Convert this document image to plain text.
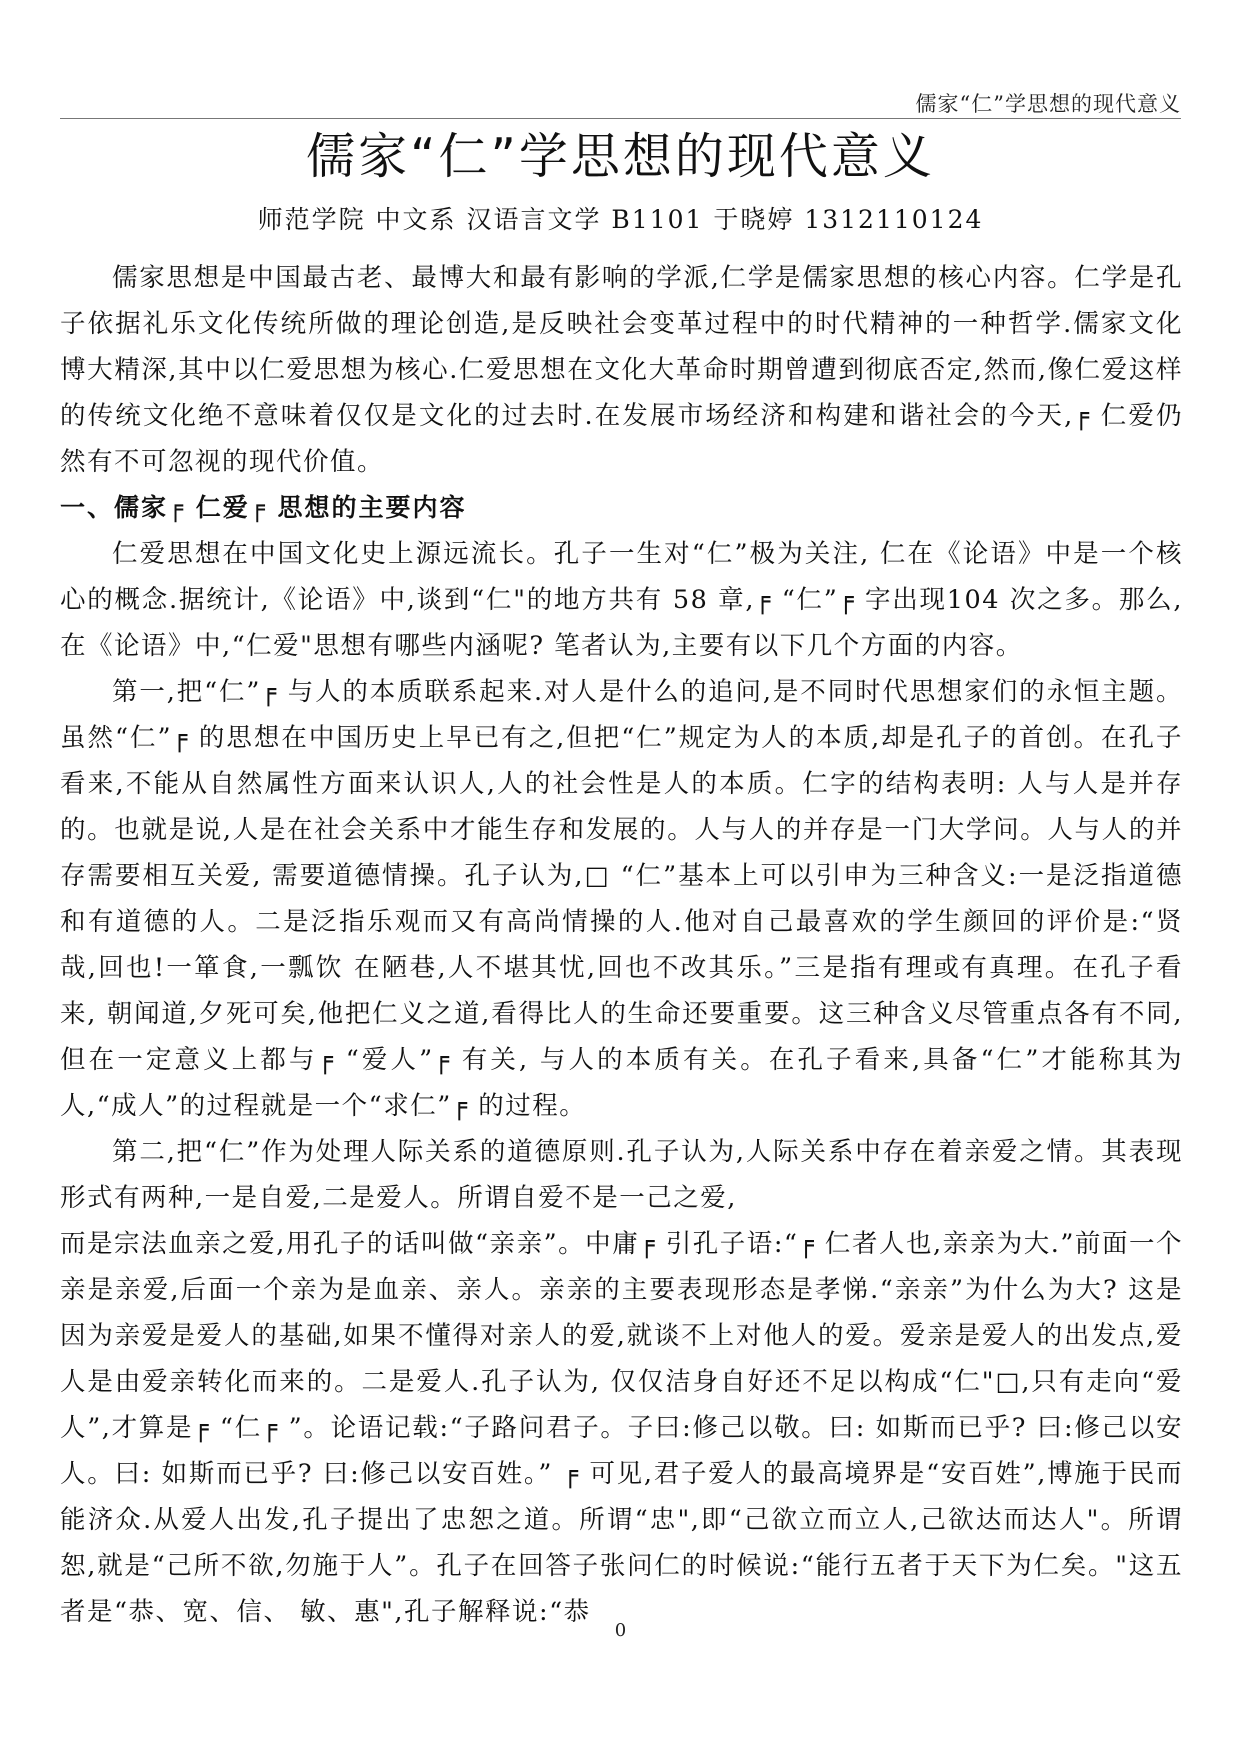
儒家“仁”学思想的现代意义
儒家“仁”学思想的现代意义
师范学院 中文系 汉语言文学 B1101 于晓婷 1312110124

儒家思想是中国最古老、最博大和最有影响的学派,仁学是儒家思想的核心内容。仁学是孔子依据礼乐文化传统所做的理论创造,是反映社会变革过程中的时代精神的一种哲学.儒家文化博大精深,其中以仁爱思想为核心.仁爱思想在文化大革命时期曾遭到彻底否定,然而,像仁爱这样的传统文化绝不意味着仅仅是文化的过去时.在发展市场经济和构建和谐社会的今天,╒ 仁爱仍然有不可忽视的现代价值。

一、儒家╒ 仁爱╒ 思想的主要内容

仁爱思想在中国文化史上源远流长。孔子一生对“仁”极为关注, 仁在《论语》中是一个核心的概念.据统计,《论语》中,谈到“仁"的地方共有 58 章,╒ “仁”╒ 字出现104 次之多。那么, 在《论语》中,“仁爱"思想有哪些内涵呢? 笔者认为,主要有以下几个方面的内容。

第一,把“仁”╒ 与人的本质联系起来.对人是什么的追问,是不同时代思想家们的永恒主题。虽然“仁”╒ 的思想在中国历史上早已有之,但把“仁”规定为人的本质,却是孔子的首创。在孔子看来,不能从自然属性方面来认识人,人的社会性是人的本质。仁字的结构表明: 人与人是并存的。也就是说,人是在社会关系中才能生存和发展的。人与人的并存是一门大学问。人与人的并存需要相互关爱, 需要道德情操。孔子认为,□ “仁”基本上可以引申为三种含义:一是泛指道德和有道德的人。二是泛指乐观而又有高尚情操的人.他对自己最喜欢的学生颜回的评价是:“贤哉,回也!一箪食,一瓢饮 在陋巷,人不堪其忧,回也不改其乐。”三是指有理或有真理。在孔子看来, 朝闻道,夕死可矣,他把仁义之道,看得比人的生命还要重要。这三种含义尽管重点各有不同,但在一定意义上都与╒ “爱人”╒ 有关, 与人的本质有关。在孔子看来,具备“仁”才能称其为人,“成人”的过程就是一个“求仁”╒ 的过程。

第二,把“仁”作为处理人际关系的道德原则.孔子认为,人际关系中存在着亲爱之情。其表现形式有两种,一是自爱,二是爱人。所谓自爱不是一己之爱,

而是宗法血亲之爱,用孔子的话叫做“亲亲”。中庸╒ 引孔子语:“╒ 仁者人也,亲亲为大.”前面一个亲是亲爱,后面一个亲为是血亲、亲人。亲亲的主要表现形态是孝悌.“亲亲”为什么为大? 这是因为亲爱是爱人的基础,如果不懂得对亲人的爱,就谈不上对他人的爱。爱亲是爱人的出发点,爱人是由爱亲转化而来的。二是爱人.孔子认为, 仅仅洁身自好还不足以构成“仁"□,只有走向“爱人”,才算是╒ “仁╒ ”。论语记载:“子路问君子。子曰:修己以敬。曰: 如斯而已乎? 曰:修己以安人。曰: 如斯而已乎? 曰:修己以安百姓。” ╒ 可见,君子爱人的最高境界是“安百姓”,博施于民而能济众.从爱人出发,孔子提出了忠恕之道。所谓“忠",即“己欲立而立人,己欲达而达人"。所谓恕,就是“己所不欲,勿施于人”。孔子在回答子张问仁的时候说:“能行五者于天下为仁矣。"这五者是“恭、宽、信、 敏、惠",孔子解释说:“恭

0
